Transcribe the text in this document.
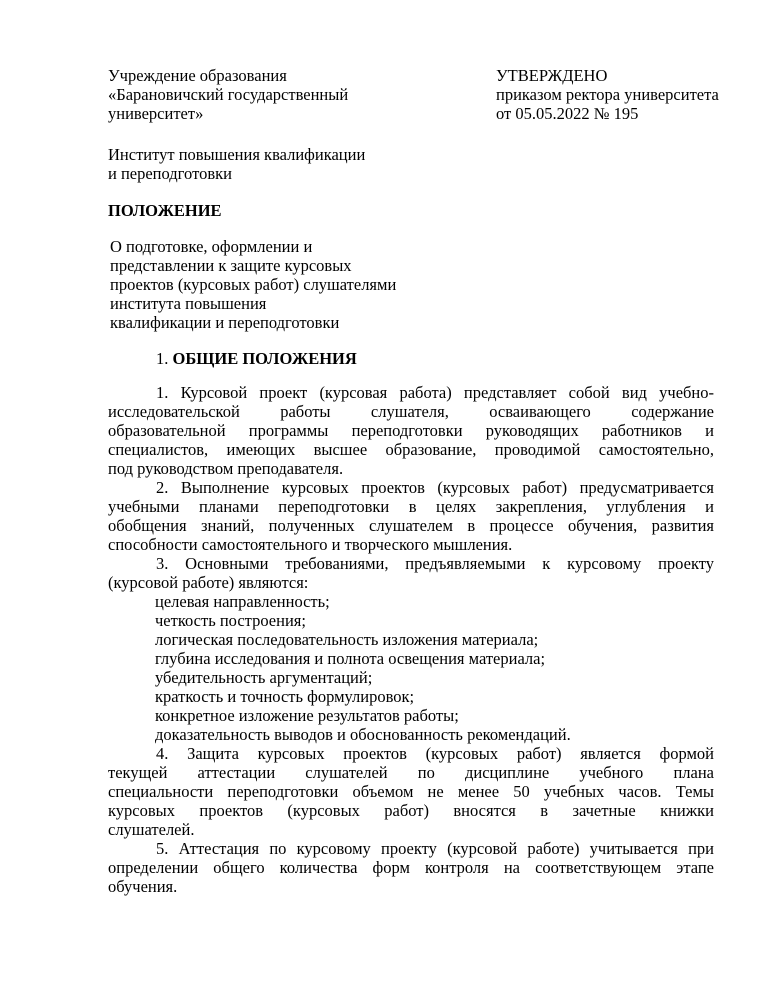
Учреждение образования
«Барановичский государственный
университет»
УТВЕРЖДЕНО
приказом ректора университета
от 05.05.2022 № 195
Институт повышения квалификации
и переподготовки
ПОЛОЖЕНИЕ
О подготовке, оформлении и
представлении к защите курсовых
проектов (курсовых работ) слушателями
института повышения
квалификации и переподготовки
1. ОБЩИЕ ПОЛОЖЕНИЯ
1. Курсовой проект (курсовая работа) представляет собой вид учебно-
исследовательской работы слушателя, осваивающего содержание
образовательной программы переподготовки руководящих работников и
специалистов, имеющих высшее образование, проводимой самостоятельно,
под руководством преподавателя.
2. Выполнение курсовых проектов (курсовых работ) предусматривается
учебными планами переподготовки в целях закрепления, углубления и
обобщения знаний, полученных слушателем в процессе обучения, развития
способности самостоятельного и творческого мышления.
3. Основными требованиями, предъявляемыми к курсовому проекту
(курсовой работе) являются:
целевая направленность;
четкость построения;
логическая последовательность изложения материала;
глубина исследования и полнота освещения материала;
убедительность аргументаций;
краткость и точность формулировок;
конкретное изложение результатов работы;
доказательность выводов и обоснованность рекомендаций.
4. Защита курсовых проектов (курсовых работ) является формой
текущей аттестации слушателей по дисциплине учебного плана
специальности переподготовки объемом не менее 50 учебных часов. Темы
курсовых проектов (курсовых работ) вносятся в зачетные книжки
слушателей.
5. Аттестация по курсовому проекту (курсовой работе) учитывается при
определении общего количества форм контроля на соответствующем этапе
обучения.
